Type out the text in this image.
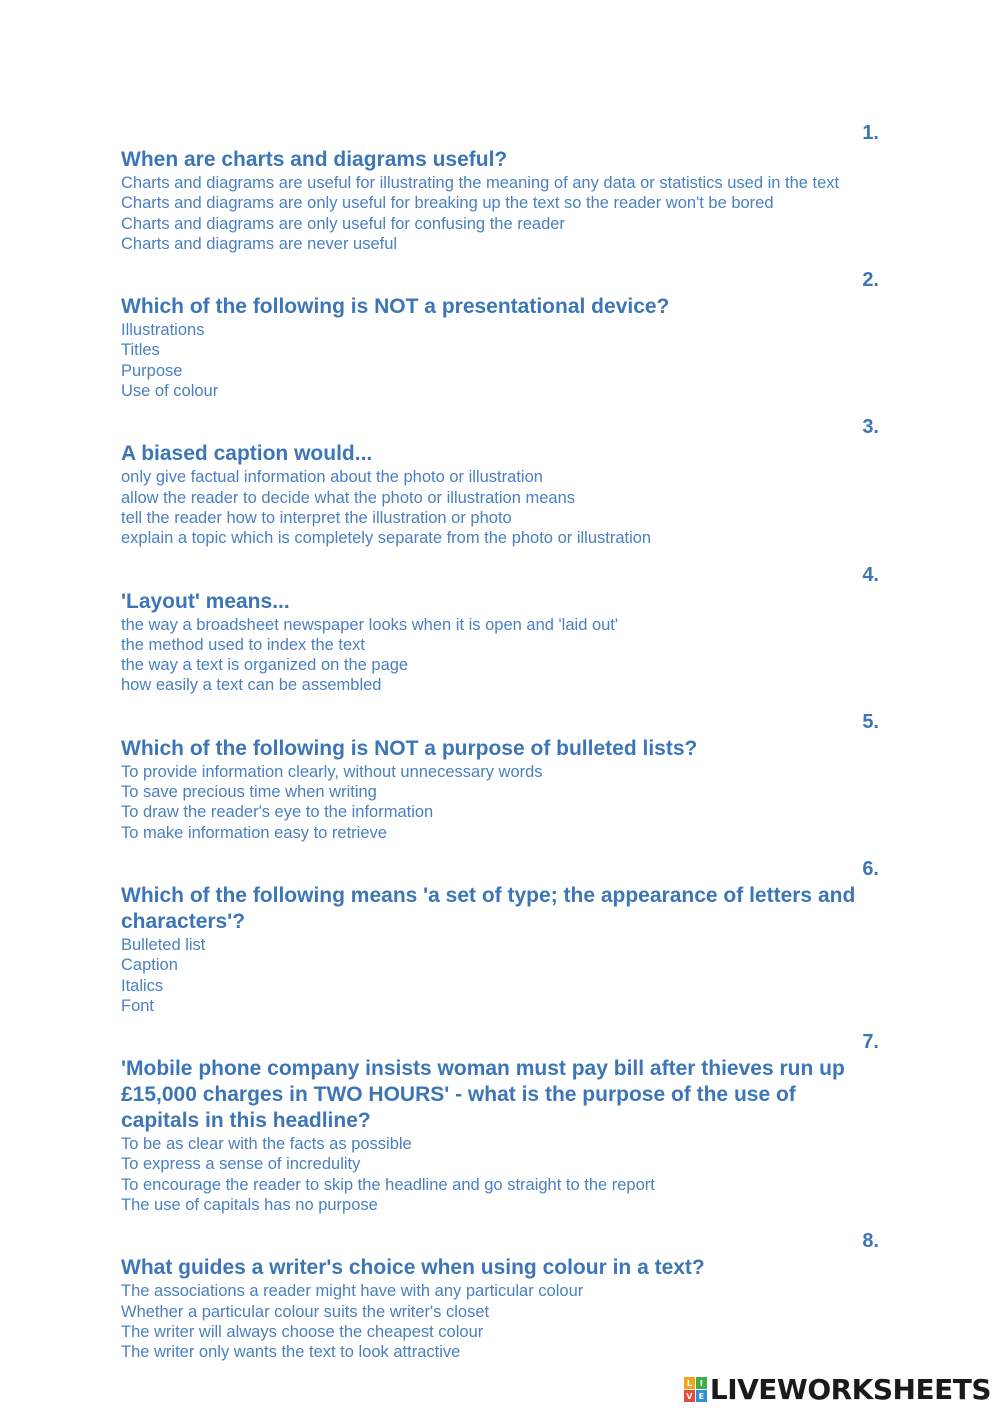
1.
When are charts and diagrams useful?
Charts and diagrams are useful for illustrating the meaning of any data or statistics used in the text
Charts and diagrams are only useful for breaking up the text so the reader won't be bored
Charts and diagrams are only useful for confusing the reader
Charts and diagrams are never useful
2.
Which of the following is NOT a presentational device?
Illustrations
Titles
Purpose
Use of colour
3.
A biased caption would...
only give factual information about the photo or illustration
allow the reader to decide what the photo or illustration means
tell the reader how to interpret the illustration or photo
explain a topic which is completely separate from the photo or illustration
4.
'Layout' means...
the way a broadsheet newspaper looks when it is open and 'laid out'
the method used to index the text
the way a text is organized on the page
how easily a text can be assembled
5.
Which of the following is NOT a purpose of bulleted lists?
To provide information clearly, without unnecessary words
To save precious time when writing
To draw the reader's eye to the information
To make information easy to retrieve
6.
Which of the following means 'a set of type; the appearance of letters and characters'?
Bulleted list
Caption
Italics
Font
7.
'Mobile phone company insists woman must pay bill after thieves run up £15,000 charges in TWO HOURS' - what is the purpose of the use of capitals in this headline?
To be as clear with the facts as possible
To express a sense of incredulity
To encourage the reader to skip the headline and go straight to the report
The use of capitals has no purpose
8.
What guides a writer's choice when using colour in a text?
The associations a reader might have with any particular colour
Whether a particular colour suits the writer's closet
The writer will always choose the cheapest colour
The writer only wants the text to look attractive
L I
V E LIVEWORKSHEETS
